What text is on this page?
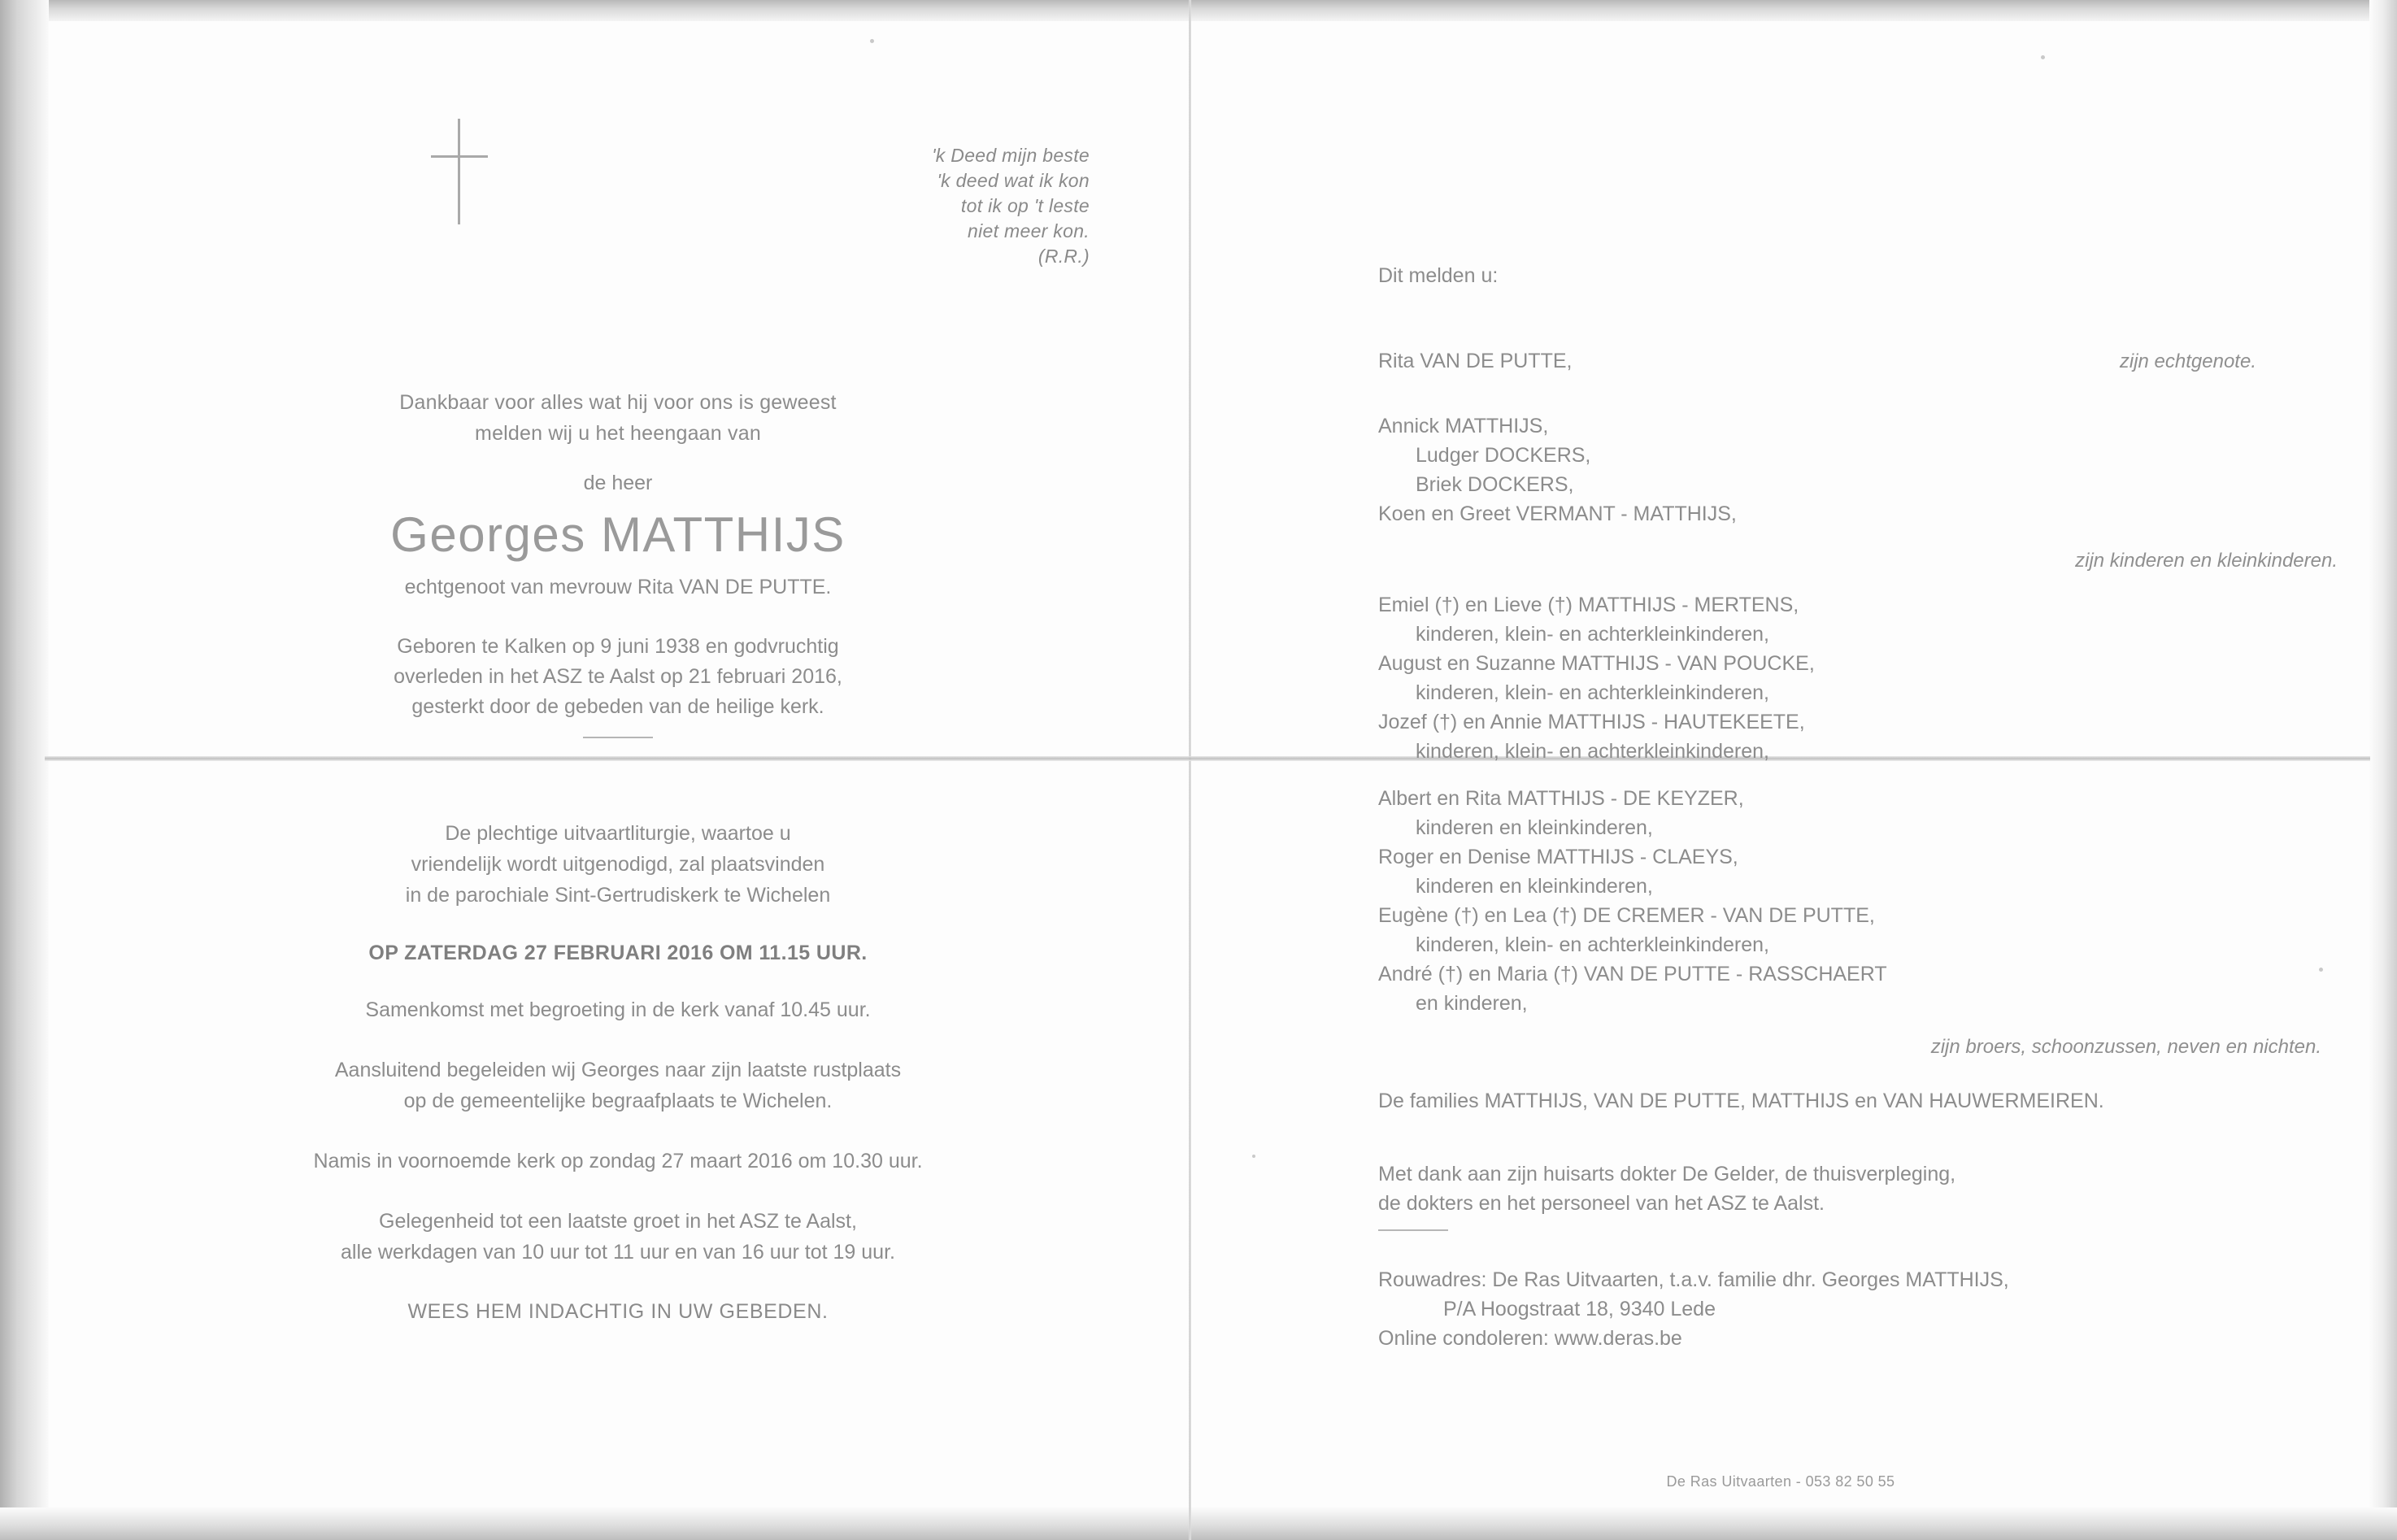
'k Deed mijn beste
'k deed wat ik kon
tot ik op 't leste
niet meer kon.
(R.R.)
Dankbaar voor alles wat hij voor ons is geweest
melden wij u het heengaan van
de heer
Georges MATTHIJS
echtgenoot van mevrouw Rita VAN DE PUTTE.
Geboren te Kalken op 9 juni 1938 en godvruchtig
overleden in het ASZ te Aalst op 21 februari 2016,
gesterkt door de gebeden van de heilige kerk.
De plechtige uitvaartliturgie, waartoe u
vriendelijk wordt uitgenodigd, zal plaatsvinden
in de parochiale Sint-Gertrudiskerk te Wichelen
OP ZATERDAG 27 FEBRUARI 2016 OM 11.15 UUR.
Samenkomst met begroeting in de kerk vanaf 10.45 uur.
Aansluitend begeleiden wij Georges naar zijn laatste rustplaats
op de gemeentelijke begraafplaats te Wichelen.
Namis in voornoemde kerk op zondag 27 maart 2016 om 10.30 uur.
Gelegenheid tot een laatste groet in het ASZ te Aalst,
alle werkdagen van 10 uur tot 11 uur en van 16 uur tot 19 uur.
WEES HEM INDACHTIG IN UW GEBEDEN.
Dit melden u:
Rita VAN DE PUTTE,	zijn echtgenote.
Annick MATTHIJS,
Ludger DOCKERS,
Briek DOCKERS,
Koen en Greet VERMANT - MATTHIJS,
zijn kinderen en kleinkinderen.
Emiel (†) en Lieve (†) MATTHIJS - MERTENS,
kinderen, klein- en achterkleinkinderen,
August en Suzanne MATTHIJS - VAN POUCKE,
kinderen, klein- en achterkleinkinderen,
Jozef (†) en Annie MATTHIJS - HAUTEKEETE,
kinderen, klein- en achterkleinkinderen,
Albert en Rita MATTHIJS - DE KEYZER,
kinderen en kleinkinderen,
Roger en Denise MATTHIJS - CLAEYS,
kinderen en kleinkinderen,
Eugène (†) en Lea (†) DE CREMER - VAN DE PUTTE,
kinderen, klein- en achterkleinkinderen,
André (†) en Maria (†) VAN DE PUTTE - RASSCHAERT
en kinderen,
zijn broers, schoonzussen, neven en nichten.
De families MATTHIJS, VAN DE PUTTE, MATTHIJS en VAN HAUWERMEIREN.
Met dank aan zijn huisarts dokter De Gelder, de thuisverpleging,
de dokters en het personeel van het ASZ te Aalst.
Rouwadres: De Ras Uitvaarten, t.a.v. familie dhr. Georges MATTHIJS,
P/A Hoogstraat 18, 9340 Lede
Online condoleren: www.deras.be
De Ras Uitvaarten - 053 82 50 55
